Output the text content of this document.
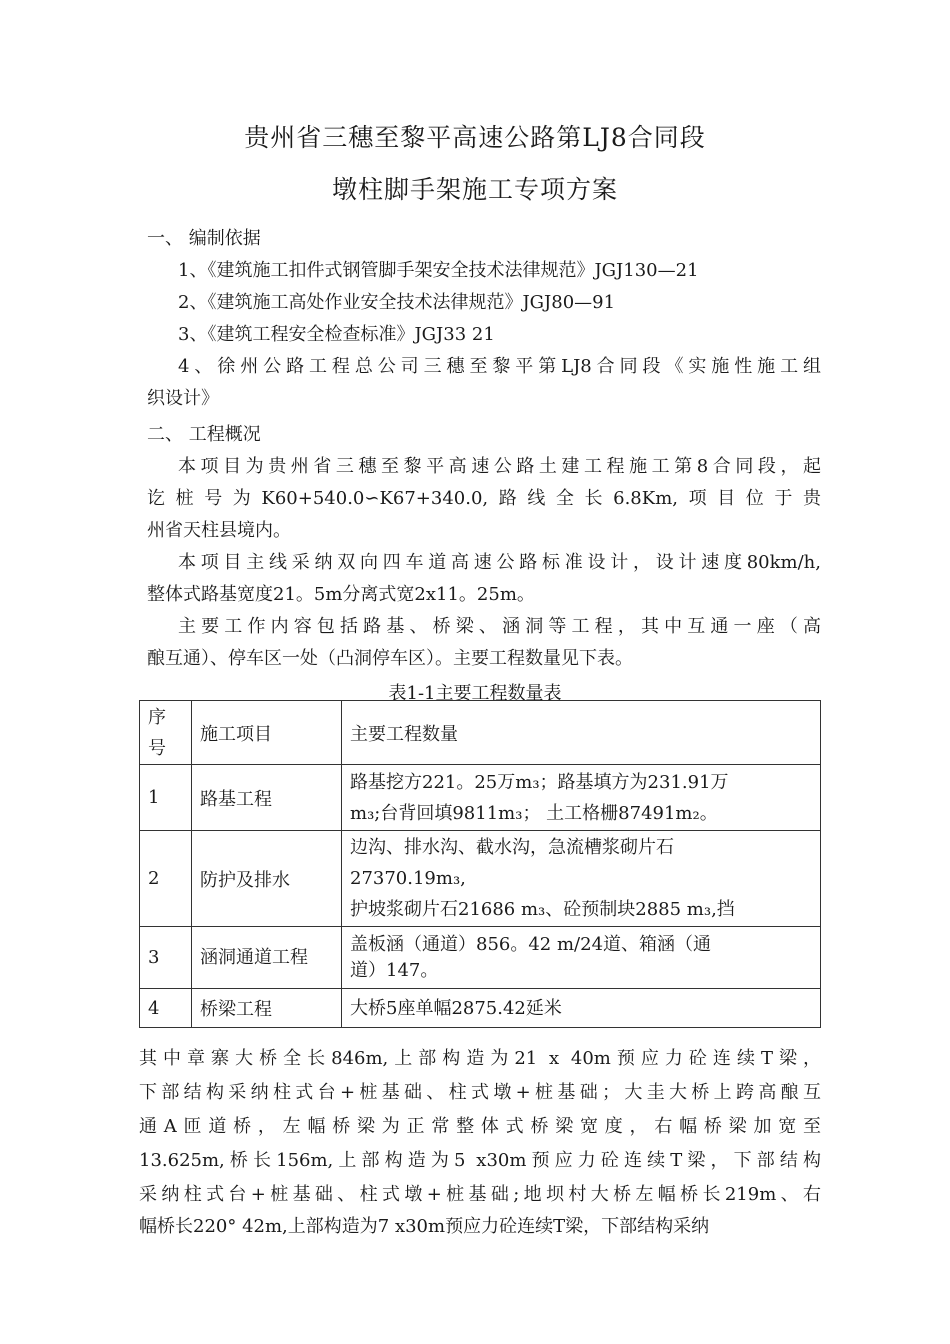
贵州省三穗至黎平高速公路第LJ8合同段
墩柱脚手架施工专项方案
一、 编制依据
1、《建筑施工扣件式钢管脚手架安全技术法律规范》JGJ130—21
2、《建筑施工高处作业安全技术法律规范》JGJ80—91
3、《建筑工程安全检查标准》JGJ33 21
4、徐州公路工程总公司三穗至黎平第LJ8合同段《实施性施工组
织设计》
二、 工程概况
本项目为贵州省三穗至黎平高速公路土建工程施工第8合同段，起
讫桩号为K60+540.0∽K67+340.0,路线全长6.8Km,项目位于贵
州省天柱县境内。
本项目主线采纳双向四车道高速公路标准设计，设计速度80km/h,
整体式路基宽度21。5m分离式宽2x11。25m。
主要工作内容包括路基、桥梁、涵洞等工程，其中互通一座（高
酿互通）、停车区一处（凸洞停车区）。主要工程数量见下表。
表1-1主要工程数量表
序
号	施工项目	主要工程数量
1	路基工程	路基挖方221。25万m₃；路基填方为231.91万
m₃;台背回填9811m₃； 土工格栅87491m₂。

2	防护及排水	边沟、排水沟、截水沟，急流槽浆砌片石
27370.19m₃,
护坡浆砌片石21686 m₃、砼预制块2885 m₃,挡

3	涵洞通道工程	盖板涵（通道）856。42 m/24道、箱涵（通
道）147。

4	桥梁工程	大桥5座单幅2875.42延米
其中章寨大桥全长846m,上部构造为21 x 40m预应力砼连续T梁，
下部结构采纳柱式台+桩基础、柱式墩+桩基础；大圭大桥上跨高酿互
通A匝道桥，左幅桥梁为正常整体式桥梁宽度，右幅桥梁加宽至
13.625m,桥长156m,上部构造为5 x30m预应力砼连续T梁，下部结构
采纳柱式台+桩基础、柱式墩+桩基础;地坝村大桥左幅桥长219m、右
幅桥长220° 42m,上部构造为7 x30m预应力砼连续T梁，下部结构采纳
